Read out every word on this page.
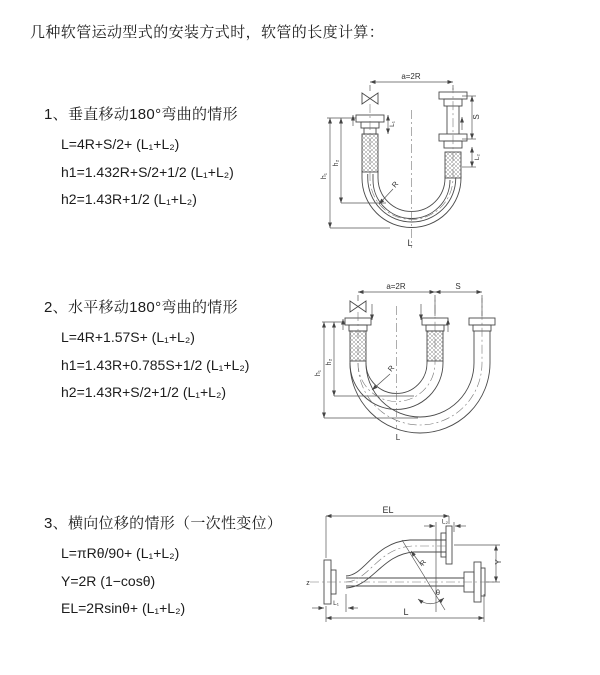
几种软管运动型式的安装方式时，软管的长度计算：
1、垂直移动180°弯曲的情形
L=4R+S/2+ (L₁+L₂)
h1=1.432R+S/2+1/2 (L₁+L₂)
h2=1.43R+1/2 (L₁+L₂)
2、水平移动180°弯曲的情形
L=4R+1.57S+ (L₁+L₂)
h1=1.43R+0.785S+1/2 (L₁+L₂)
h2=1.43R+S/2+1/2 (L₁+L₂)
3、横向位移的情形（一次性变位）
L=πRθ/90+ (L₁+L₂)
Y=2R (1−cosθ)
EL=2Rsinθ+ (L₁+L₂)
a=2R
S
L₂
h₁
h₂
L₁
R
L
a=2R	S
h₁
h₂
R
L
EL
L₂
Y
R
θ
L
L₁
z
